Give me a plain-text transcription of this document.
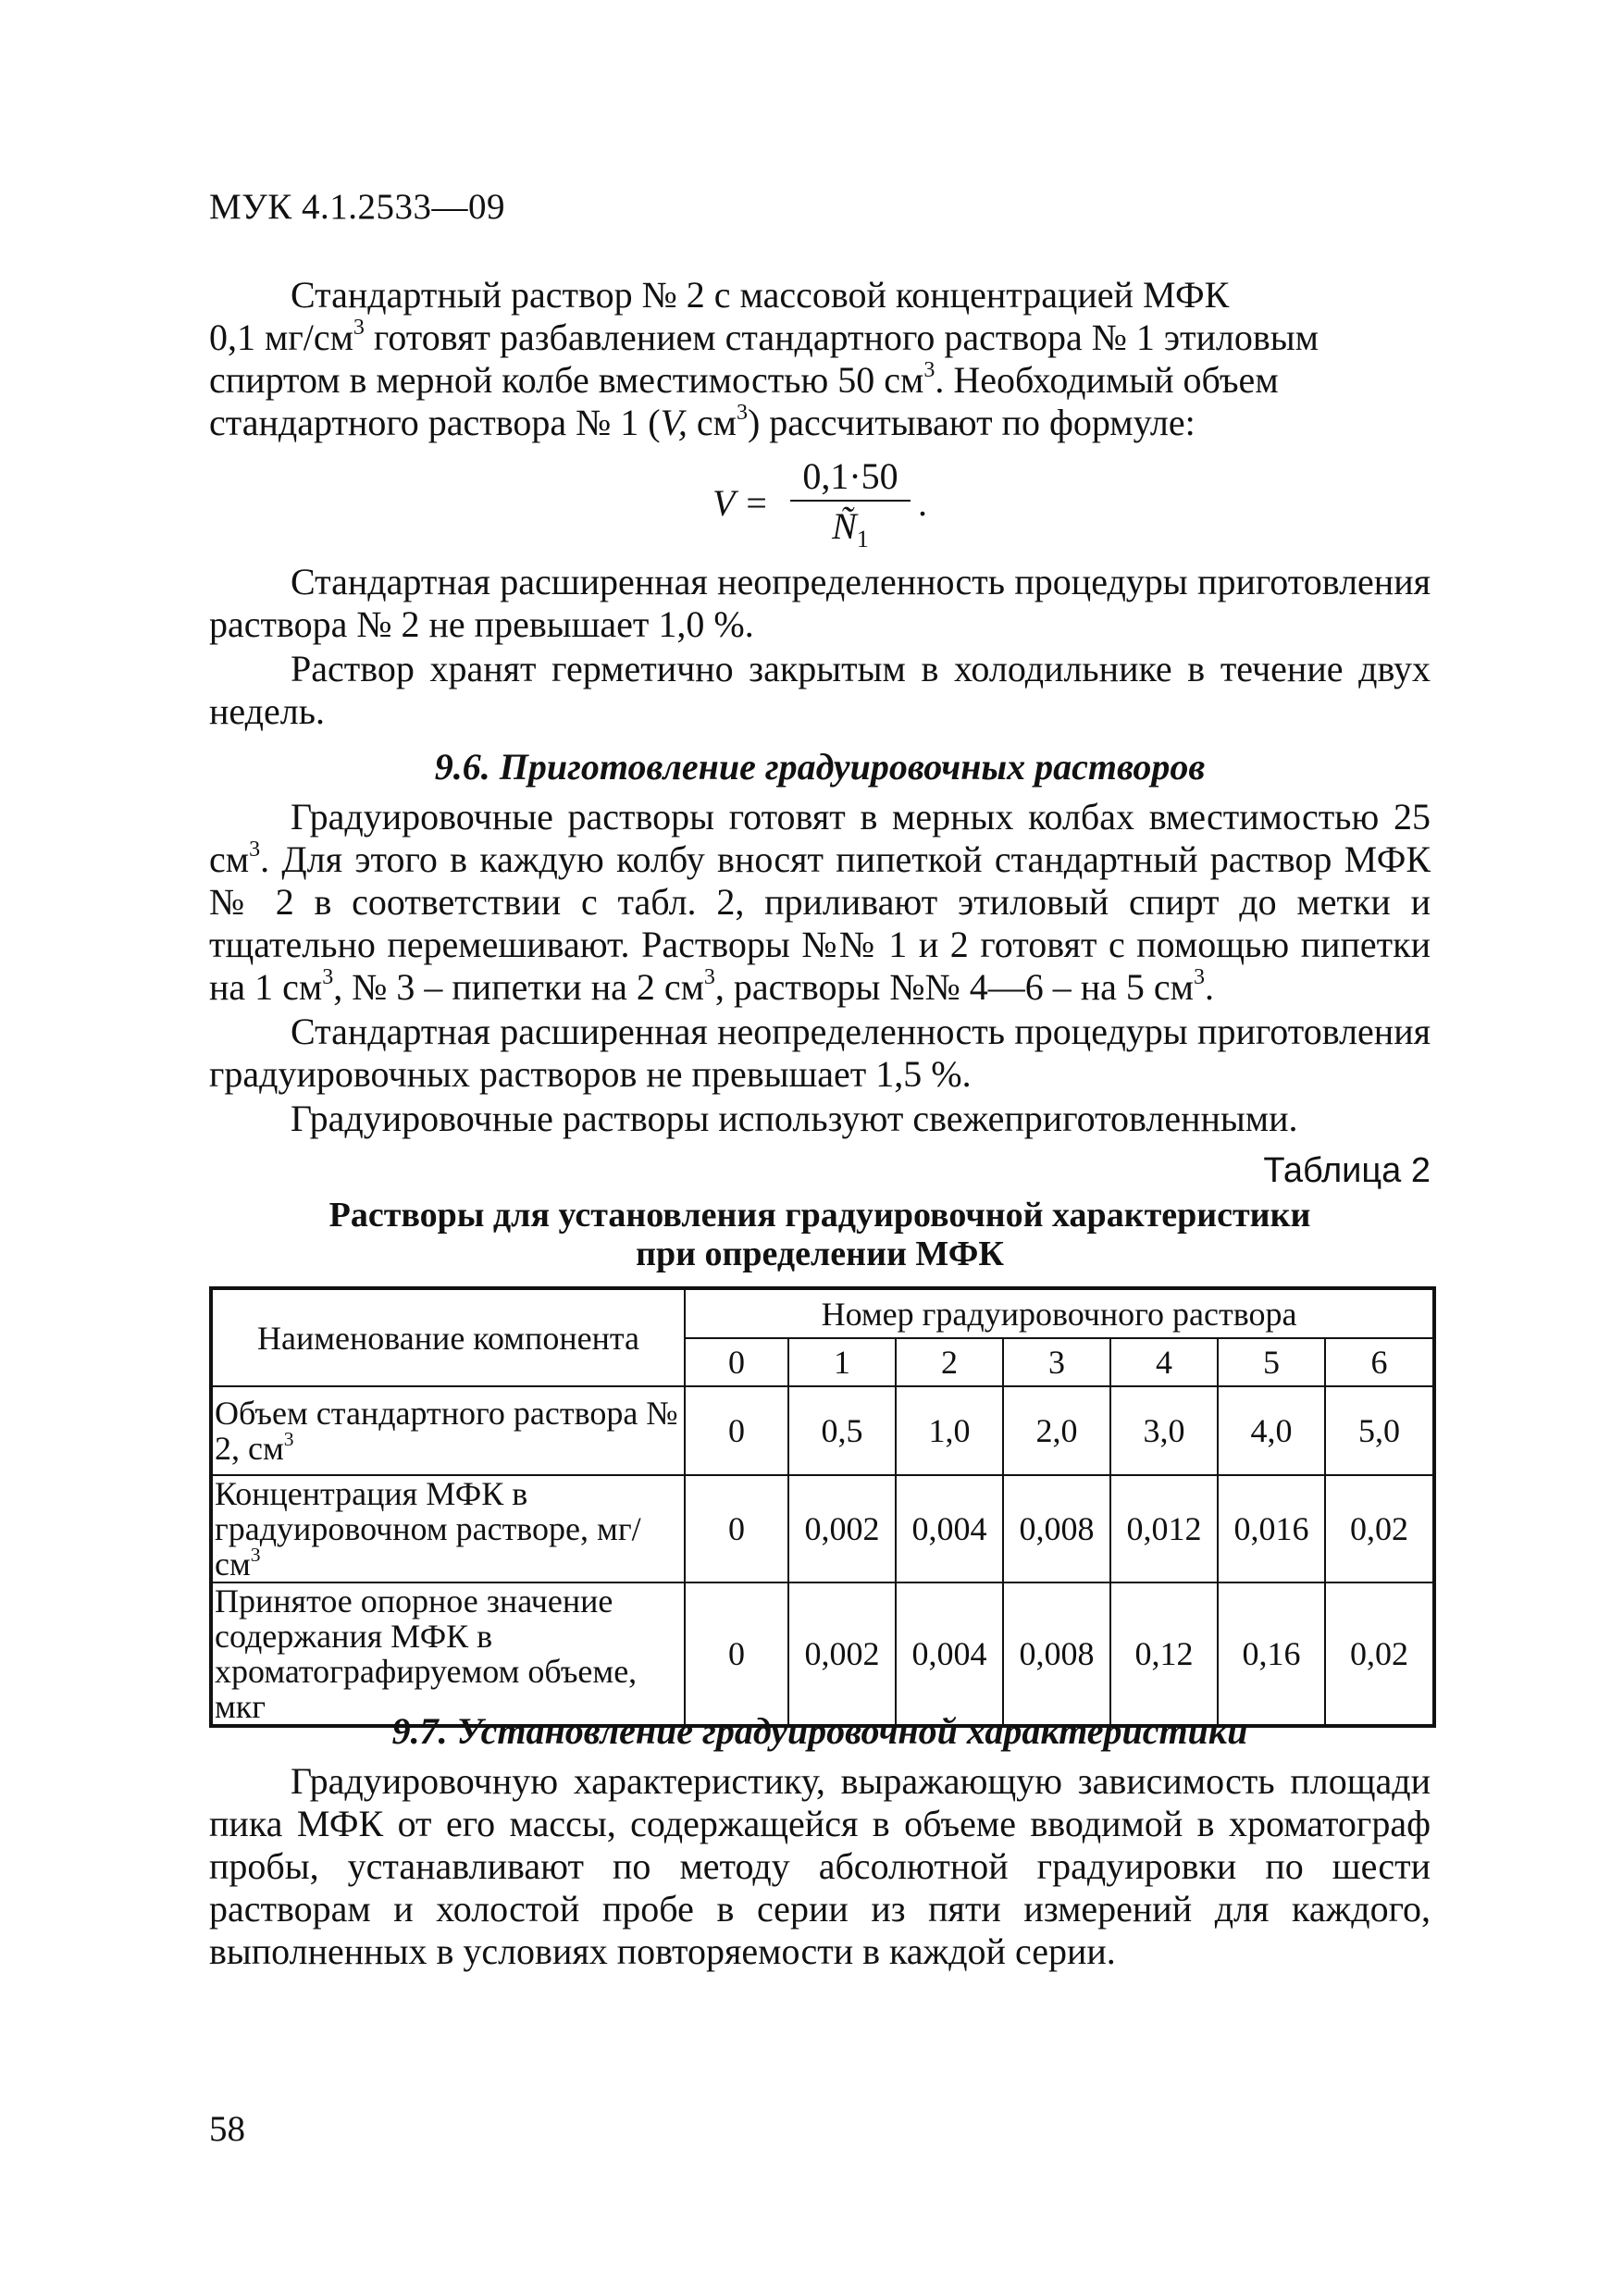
МУК 4.1.2533—09

Стандартный раствор № 2 с массовой концентрацией МФК

0,1 $мг/см^3$ готовят разбавлением стандартного раствора № 1 этиловым

спиртом в мерной колбе вместимостью 50 $см^3$. Необходимый объем

стандартного раствора № 1 (V, $см^3$) рассчитывают по формуле:

V =
0,1·50
$Ñ_1$
.

Стандартная расширенная неопределенность процедуры приготовления раствора № 2 не превышает 1,0 %.

Раствор хранят герметично закрытым в холодильнике в течение двух недель.

9.6. Приготовление градуировочных растворов

Градуировочные растворы готовят в мерных колбах вместимостью 25 $см^3$. Для этого в каждую колбу вносят пипеткой стандартный раствор МФК № 2 в соответствии с табл. 2, приливают этиловый спирт до метки и тщательно перемешивают. Растворы №№ 1 и 2 готовят с помощью пипетки на 1 $см^3$, № 3 – пипетки на 2 $см^3$, растворы №№ 4—6 – на 5 $см^3$.

Стандартная расширенная неопределенность процедуры приготовления градуировочных растворов не превышает 1,5 %.

Градуировочные растворы используют свежеприготовленными.

Таблица 2
Растворы для установления градуировочной характеристики
при определении МФК
Наименование компонента	Номер градуировочного раствора						
	0	1	2	3	4	5	6
Объем стандартного раствора № 2, $см^3$	0	0,5	1,0	2,0	3,0	4,0	5,0
Концентрация МФК в градуировочном растворе, $мг/см^3$	0	0,002	0,004	0,008	0,012	0,016	0,02
Принятое опорное значение содержания МФК в хроматографируемом объеме, мкг	0	0,002	0,004	0,008	0,12	0,16	0,02
9.7. Установление градуировочной характеристики

Градуировочную характеристику, выражающую зависимость площади пика МФК от его массы, содержащейся в объеме вводимой в хроматограф пробы, устанавливают по методу абсолютной градуировки по шести растворам и холостой пробе в серии из пяти измерений для каждого, выполненных в условиях повторяемости в каждой серии.

58
